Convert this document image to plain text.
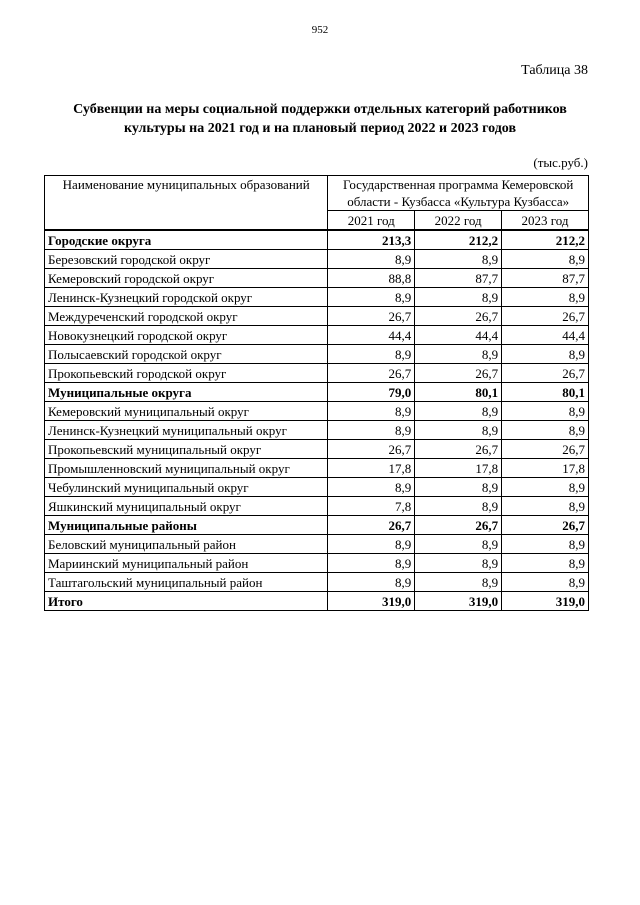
952
Таблица 38
Субвенции на меры социальной поддержки отдельных категорий работников
культуры на 2021 год и на плановый период 2022 и 2023 годов
(тыс.руб.)
Наименование муниципальных образований	Государственная программа Кемеровской области - Кузбасса «Культура Кузбасса»		
	2021 год	2022 год	2023 год
Городские округа	213,3	212,2	212,2
Березовский городской округ	8,9	8,9	8,9
Кемеровский городской округ	88,8	87,7	87,7
Ленинск-Кузнецкий городской округ	8,9	8,9	8,9
Междуреченский городской округ	26,7	26,7	26,7
Новокузнецкий городской округ	44,4	44,4	44,4
Полысаевский городской округ	8,9	8,9	8,9
Прокопьевский городской округ	26,7	26,7	26,7
Муниципальные округа	79,0	80,1	80,1
Кемеровский муниципальный округ	8,9	8,9	8,9
Ленинск-Кузнецкий муниципальный округ	8,9	8,9	8,9
Прокопьевский муниципальный округ	26,7	26,7	26,7
Промышленновский муниципальный округ	17,8	17,8	17,8
Чебулинский муниципальный округ	8,9	8,9	8,9
Яшкинский муниципальный округ	7,8	8,9	8,9
Муниципальные районы	26,7	26,7	26,7
Беловский муниципальный район	8,9	8,9	8,9
Мариинский муниципальный район	8,9	8,9	8,9
Таштагольский муниципальный район	8,9	8,9	8,9
Итого	319,0	319,0	319,0
